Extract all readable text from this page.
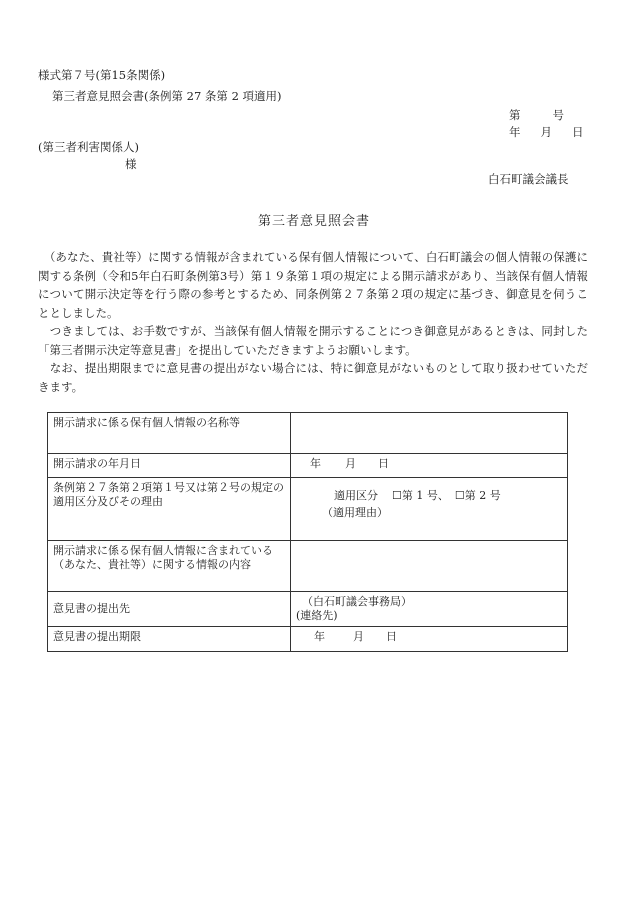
様式第７号(第15条関係)
第三者意見照会書(条例第 27 条第 2 項適用)
第	号
年 月 日
(第三者利害関係人)
様
白石町議会議長
第三者意見照会書

　（あなた、貴社等）に関する情報が含まれている保有個人情報について、白石町議会の個人情報の保護に関する条例（令和5年白石町条例第3号）第１９条第１項の規定による開示請求があり、当該保有個人情報について開示決定等を行う際の参考とするため、同条例第２７条第２項の規定に基づき、御意見を伺うこととしました。

　つきましては、お手数ですが、当該保有個人情報を開示することにつき御意見があるときは、同封した「第三者開示決定等意見書」を提出していただきますようお願いします。

　なお、提出期限までに意見書の提出がない場合には、特に御意見がないものとして取り扱わせていただきます。

開示請求に係る保有個人情報の名称等	
開示請求の年月日	年 月 日
条例第２７条第２項第１号又は第２号の規定の適用区分及びその理由	適用区分 ☐第 1 号、 ☐第 2 号
（適用理由）

開示請求に係る保有個人情報に含まれている（あなた、貴社等）に関する情報の内容	
意見書の提出先	（白石町議会事務局）
(連絡先)

意見書の提出期限	年 月 日
